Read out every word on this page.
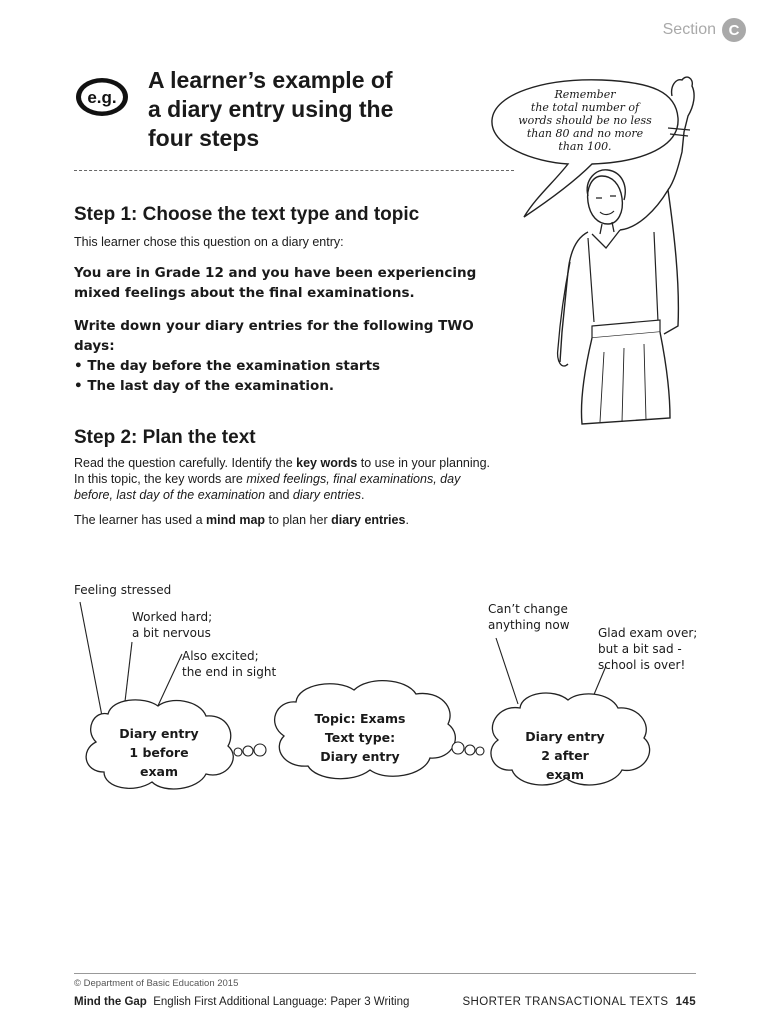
Section C
e.g.
A learner’s example of
a diary entry using the
four steps
Remember
the total number of
words should be no less
than 80 and no more
than 100.
Step 1: Choose the text type and topic
This learner chose this question on a diary entry:
You are in Grade 12 and you have been experiencing
mixed feelings about the final examinations.
Write down your diary entries for the following TWO
days:
• The day before the examination starts
• The last day of the examination.
Step 2: Plan the text
Read the question carefully. Identify the key words to use in your planning.
In this topic, the key words are mixed feelings, final examinations, day
before, last day of the examination and diary entries.
The learner has used a mind map to plan her diary entries.
Feeling stressed
Worked hard;
a bit nervous
Also excited;
the end in sight
Can’t change
anything now
Glad exam over;
but a bit sad -
school is over!
Diary entry
1 before
exam
Topic: Exams
Text type:
Diary entry
Diary entry
2 after
exam
© Department of Basic Education 2015
Mind the Gap English First Additional Language: Paper 3 Writing	SHORTER TRANSACTIONAL TEXTS 145
